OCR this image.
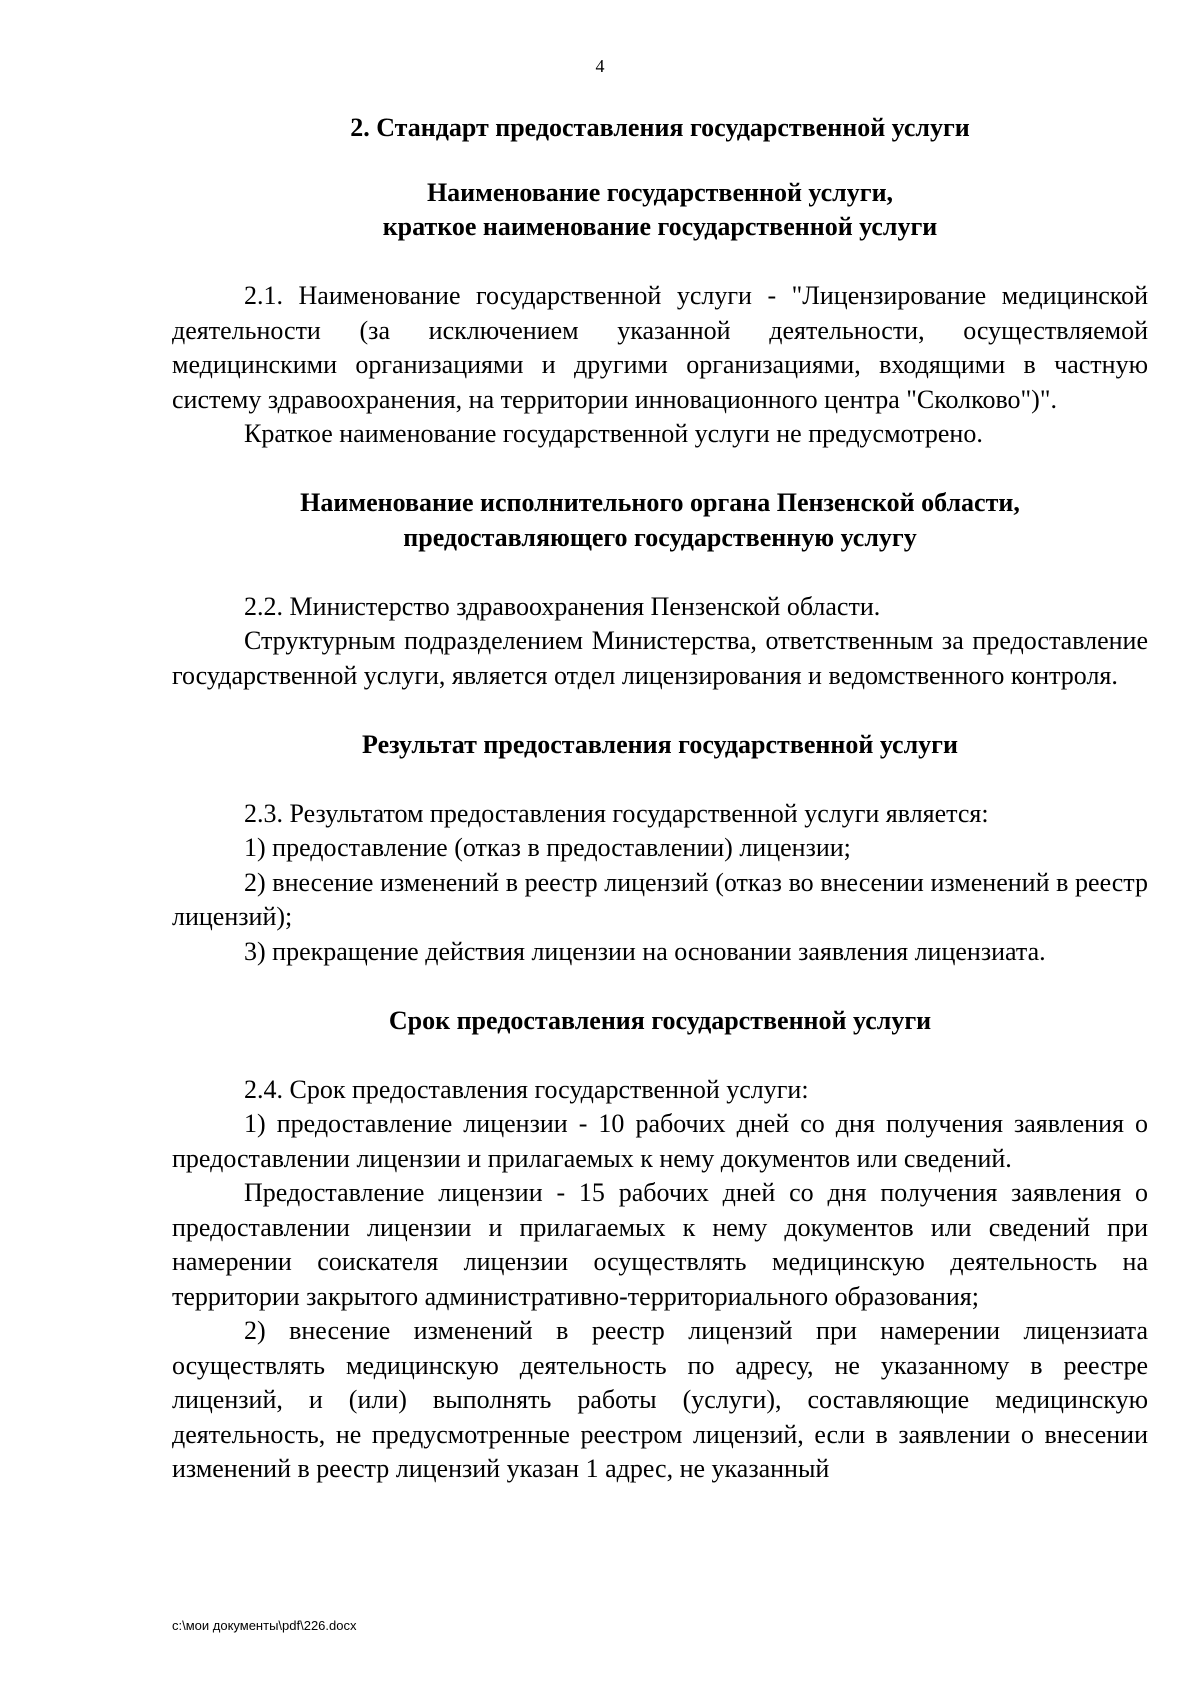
4

2. Стандарт предоставления государственной услуги

Наименование государственной услуги,
краткое наименование государственной услуги

2.1. Наименование государственной услуги - "Лицензирование медицинской деятельности (за исключением указанной деятельности, осуществляемой медицинскими организациями и другими организациями, входящими в частную систему здравоохранения, на территории инновационного центра "Сколково")".

Краткое наименование государственной услуги не предусмотрено.

Наименование исполнительного органа Пензенской области,
предоставляющего государственную услугу

2.2. Министерство здравоохранения Пензенской области.

Структурным подразделением Министерства, ответственным за предоставление государственной услуги, является отдел лицензирования и ведомственного контроля.

Результат предоставления государственной услуги

2.3. Результатом предоставления государственной услуги является:

1) предоставление (отказ в предоставлении) лицензии;

2) внесение изменений в реестр лицензий (отказ во внесении изменений в реестр лицензий);

3) прекращение действия лицензии на основании заявления лицензиата.

Срок предоставления государственной услуги

2.4. Срок предоставления государственной услуги:

1) предоставление лицензии - 10 рабочих дней со дня получения заявления о предоставлении лицензии и прилагаемых к нему документов или сведений.

Предоставление лицензии - 15 рабочих дней со дня получения заявления о предоставлении лицензии и прилагаемых к нему документов или сведений при намерении соискателя лицензии осуществлять медицинскую деятельность на территории закрытого административно-территориального образования;

2) внесение изменений в реестр лицензий при намерении лицензиата осуществлять медицинскую деятельность по адресу, не указанному в реестре лицензий, и (или) выполнять работы (услуги), составляющие медицинскую деятельность, не предусмотренные реестром лицензий, если в заявлении о внесении изменений в реестр лицензий указан 1 адрес, не указанный

c:\мои документы\pdf\226.docx
